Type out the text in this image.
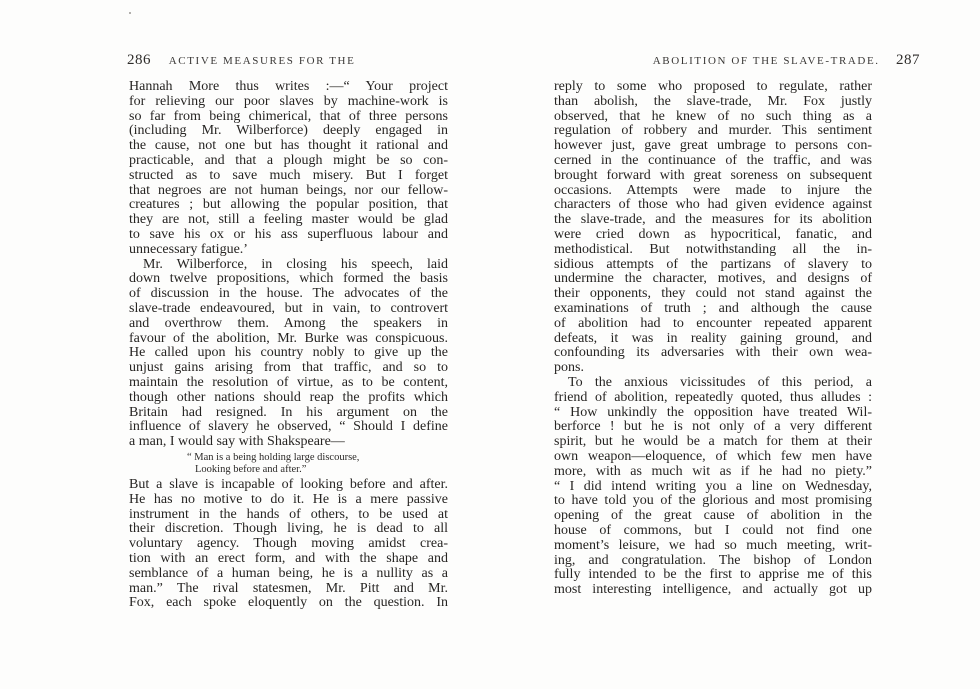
286 ACTIVE MEASURES FOR THE
Hannah More thus writes :—“ Your project
for relieving our poor slaves by machine-work is
so far from being chimerical, that of three persons
(including Mr. Wilberforce) deeply engaged in
the cause, not one but has thought it rational and
practicable, and that a plough might be so con-
structed as to save much misery. But I forget
that negroes are not human beings, nor our fellow-
creatures ; but allowing the popular position, that
they are not, still a feeling master would be glad
to save his ox or his ass superfluous labour and
unnecessary fatigue.’
Mr. Wilberforce, in closing his speech, laid
down twelve propositions, which formed the basis
of discussion in the house. The advocates of the
slave-trade endeavoured, but in vain, to controvert
and overthrow them. Among the speakers in
favour of the abolition, Mr. Burke was conspicuous.
He called upon his country nobly to give up the
unjust gains arising from that traffic, and so to
maintain the resolution of virtue, as to be content,
though other nations should reap the profits which
Britain had resigned. In his argument on the
influence of slavery he observed, “ Should I define
a man, I would say with Shakspeare—
“ Man is a being holding large discourse,
Looking before and after.”
But a slave is incapable of looking before and after.
He has no motive to do it. He is a mere passive
instrument in the hands of others, to be used at
their discretion. Though living, he is dead to all
voluntary agency. Though moving amidst crea-
tion with an erect form, and with the shape and
semblance of a human being, he is a nullity as a
man.” The rival statesmen, Mr. Pitt and Mr.
Fox, each spoke eloquently on the question. In
ABOLITION OF THE SLAVE-TRADE. 287
reply to some who proposed to regulate, rather
than abolish, the slave-trade, Mr. Fox justly
observed, that he knew of no such thing as a
regulation of robbery and murder. This sentiment
however just, gave great umbrage to persons con-
cerned in the continuance of the traffic, and was
brought forward with great soreness on subsequent
occasions. Attempts were made to injure the
characters of those who had given evidence against
the slave-trade, and the measures for its abolition
were cried down as hypocritical, fanatic, and
methodistical. But notwithstanding all the in-
sidious attempts of the partizans of slavery to
undermine the character, motives, and designs of
their opponents, they could not stand against the
examinations of truth ; and although the cause
of abolition had to encounter repeated apparent
defeats, it was in reality gaining ground, and
confounding its adversaries with their own wea-
pons.
To the anxious vicissitudes of this period, a
friend of abolition, repeatedly quoted, thus alludes :
“ How unkindly the opposition have treated Wil-
berforce ! but he is not only of a very different
spirit, but he would be a match for them at their
own weapon—eloquence, of which few men have
more, with as much wit as if he had no piety.”
“ I did intend writing you a line on Wednesday,
to have told you of the glorious and most promising
opening of the great cause of abolition in the
house of commons, but I could not find one
moment’s leisure, we had so much meeting, writ-
ing, and congratulation. The bishop of London
fully intended to be the first to apprise me of this
most interesting intelligence, and actually got up
